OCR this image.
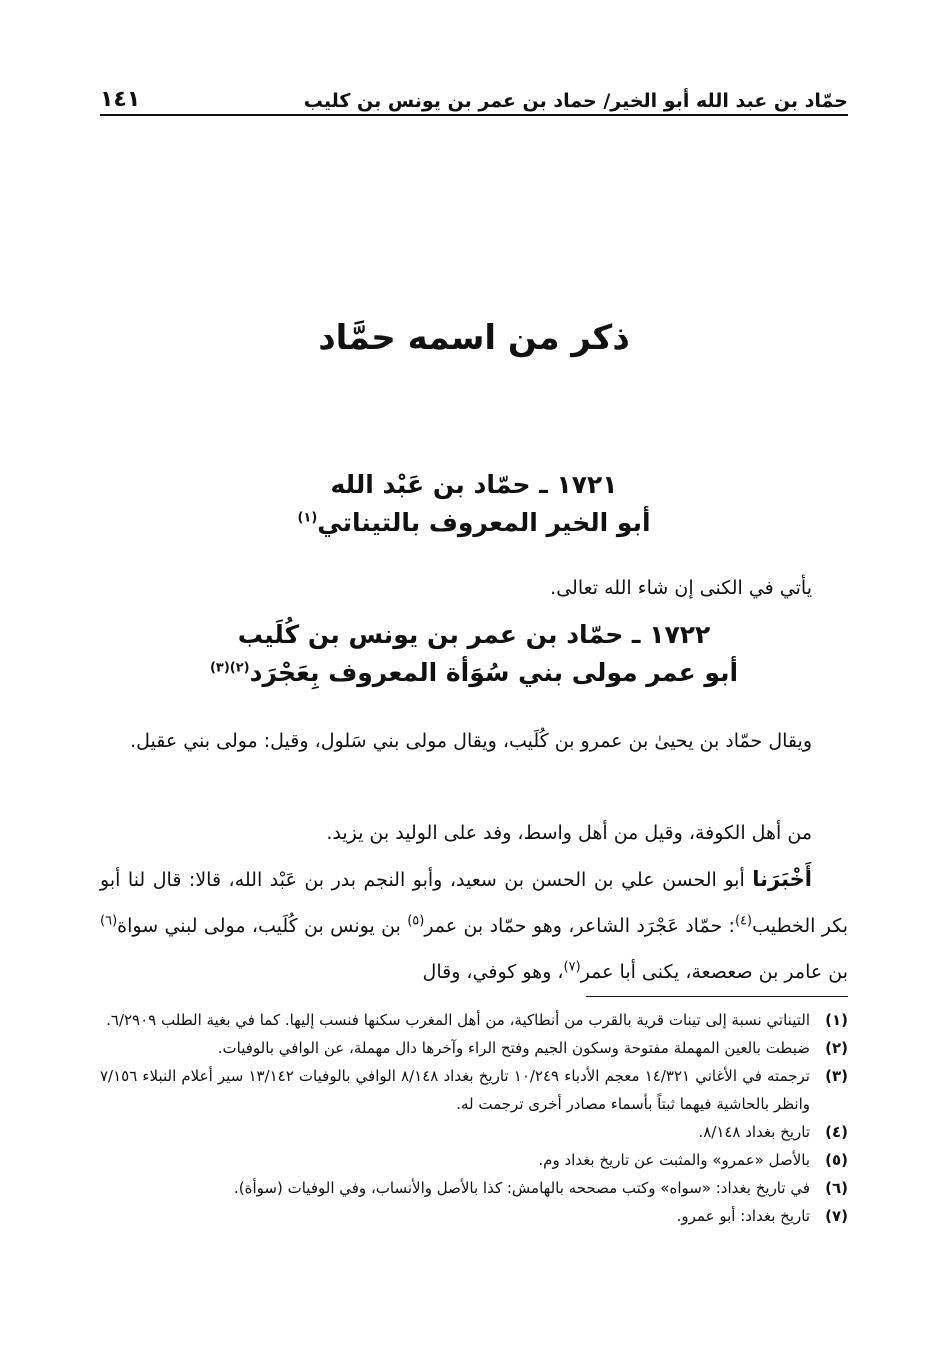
حمّاد بن عبد الله أبو الخير/ حماد بن عمر بن يونس بن كليب
١٤١
ذكر من اسمه حمَّاد
١٧٢١ ـ حمّاد بن عَبْد الله
أبو الخير المعروف بالتيناتي$^{(١)}$
يأتي في الكنى إن شاء الله تعالى.
١٧٢٢ ـ حمّاد بن عمر بن يونس بن كُلَيب
أبو عمر مولى بني سُوَأة المعروف بِعَجْرَد$^{(٢)(٣)}$
ويقال حمّاد بن يحيىٰ بن عمرو بن كُلَيب، ويقال مولى بني سَلول، وقيل: مولى بني عقيل.
من أهل الكوفة، وقيل من أهل واسط، وفد على الوليد بن يزيد.
أَخْبَرَنا أبو الحسن علي بن الحسن بن سعيد، وأبو النجم بدر بن عَبْد الله، قالا: قال لنا أبو بكر الخطيب$^{(٤)}$: حمّاد عَجْرَد الشاعر، وهو حمّاد بن عمر$^{(٥)}$ بن يونس بن كُلَيب، مولى لبني سواة$^{(٦)}$ بن عامر بن صعصعة، يكنى أبا عمر$^{(٧)}$، وهو كوفي، وقال
(١)
التيناتي نسبة إلى تينات قرية بالقرب من أنطاكية، من أهل المغرب سكنها فنسب إليها. كما في بغية الطلب ٦/٢٩٠٩.
(٢)
ضبطت بالعين المهملة مفتوحة وسكون الجيم وفتح الراء وآخرها دال مهملة، عن الوافي بالوفيات.
(٣)
ترجمته في الأغاني ١٤/٣٢١ معجم الأدباء ١٠/٢٤٩ تاريخ بغداد ٨/١٤٨ الوافي بالوفيات ١٣/١٤٢ سير أعلام النبلاء ٧/١٥٦ وانظر بالحاشية فيهما ثبتاً بأسماء مصادر أخرى ترجمت له.
(٤)
تاريخ بغداد ٨/١٤٨.
(٥)
بالأصل «عمرو» والمثبت عن تاريخ بغداد وم.
(٦)
في تاريخ بغداد: «سواه» وكتب مصححه بالهامش: كذا بالأصل والأنساب، وفي الوفيات (سوأة).
(٧)
تاريخ بغداد: أبو عمرو.
